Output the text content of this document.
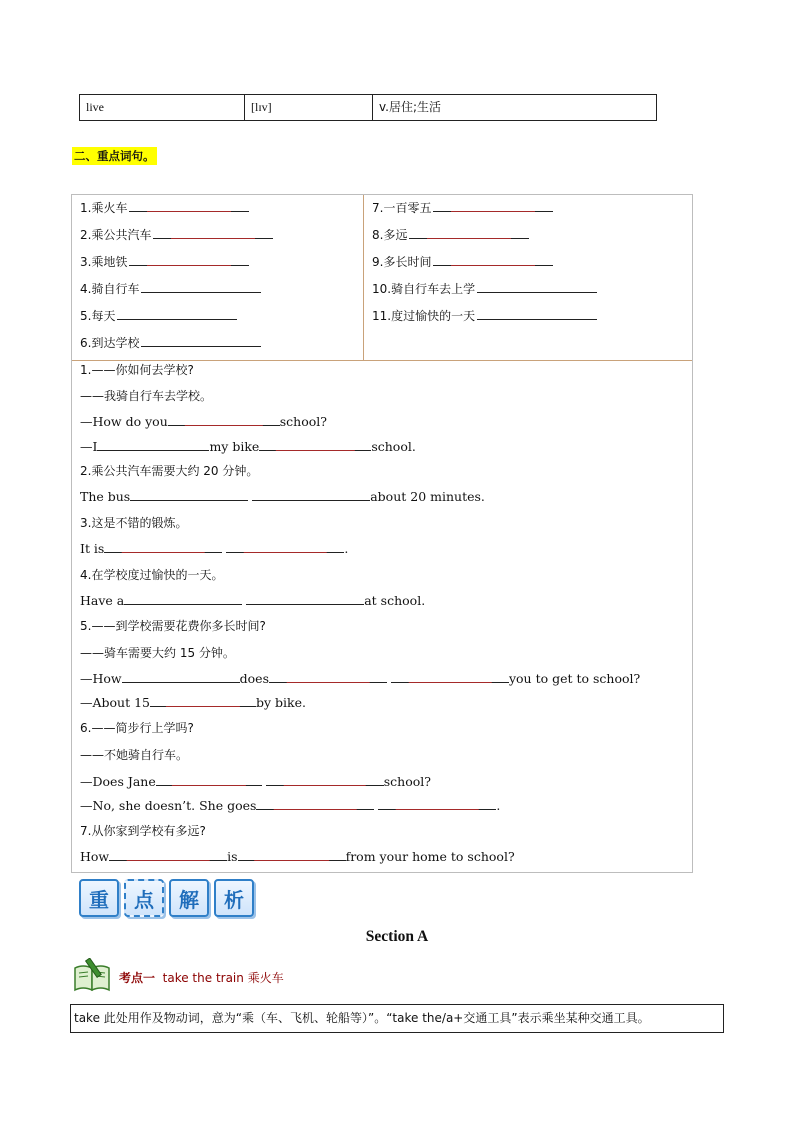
live	[lɪv]	v.居住;生活
二、重点词句。
1.乘火车
2.乘公共汽车
3.乘地铁
4.骑自行车
5.每天
6.到达学校
7.一百零五
8.多远
9.多长时间
10.骑自行车去上学
11.度过愉快的一天
1.——你如何去学校?
——我骑自行车去学校。
—How do you	school?
—I	my bike	school.
2.乘公共汽车需要大约 20 分钟。
The bus	about 20 minutes.
3.这是不错的锻炼。
It is	.
4.在学校度过愉快的一天。
Have a	at school.
5.——到学校需要花费你多长时间?
——骑车需要大约 15 分钟。
—How	does	you to get to school?
—About 15	by bike.
6.——简步行上学吗?
——不她骑自行车。
—Does Jane	school?
—No, she doesn’t. She goes	.
7.从你家到学校有多远?
How	is	from your home to school?
重	点	解	析
Section A
考点一 take the train 乘火车
take 此处用作及物动词，意为“乘（车、飞机、轮船等）”。“take the/a+交通工具”表示乘坐某种交通工具。
